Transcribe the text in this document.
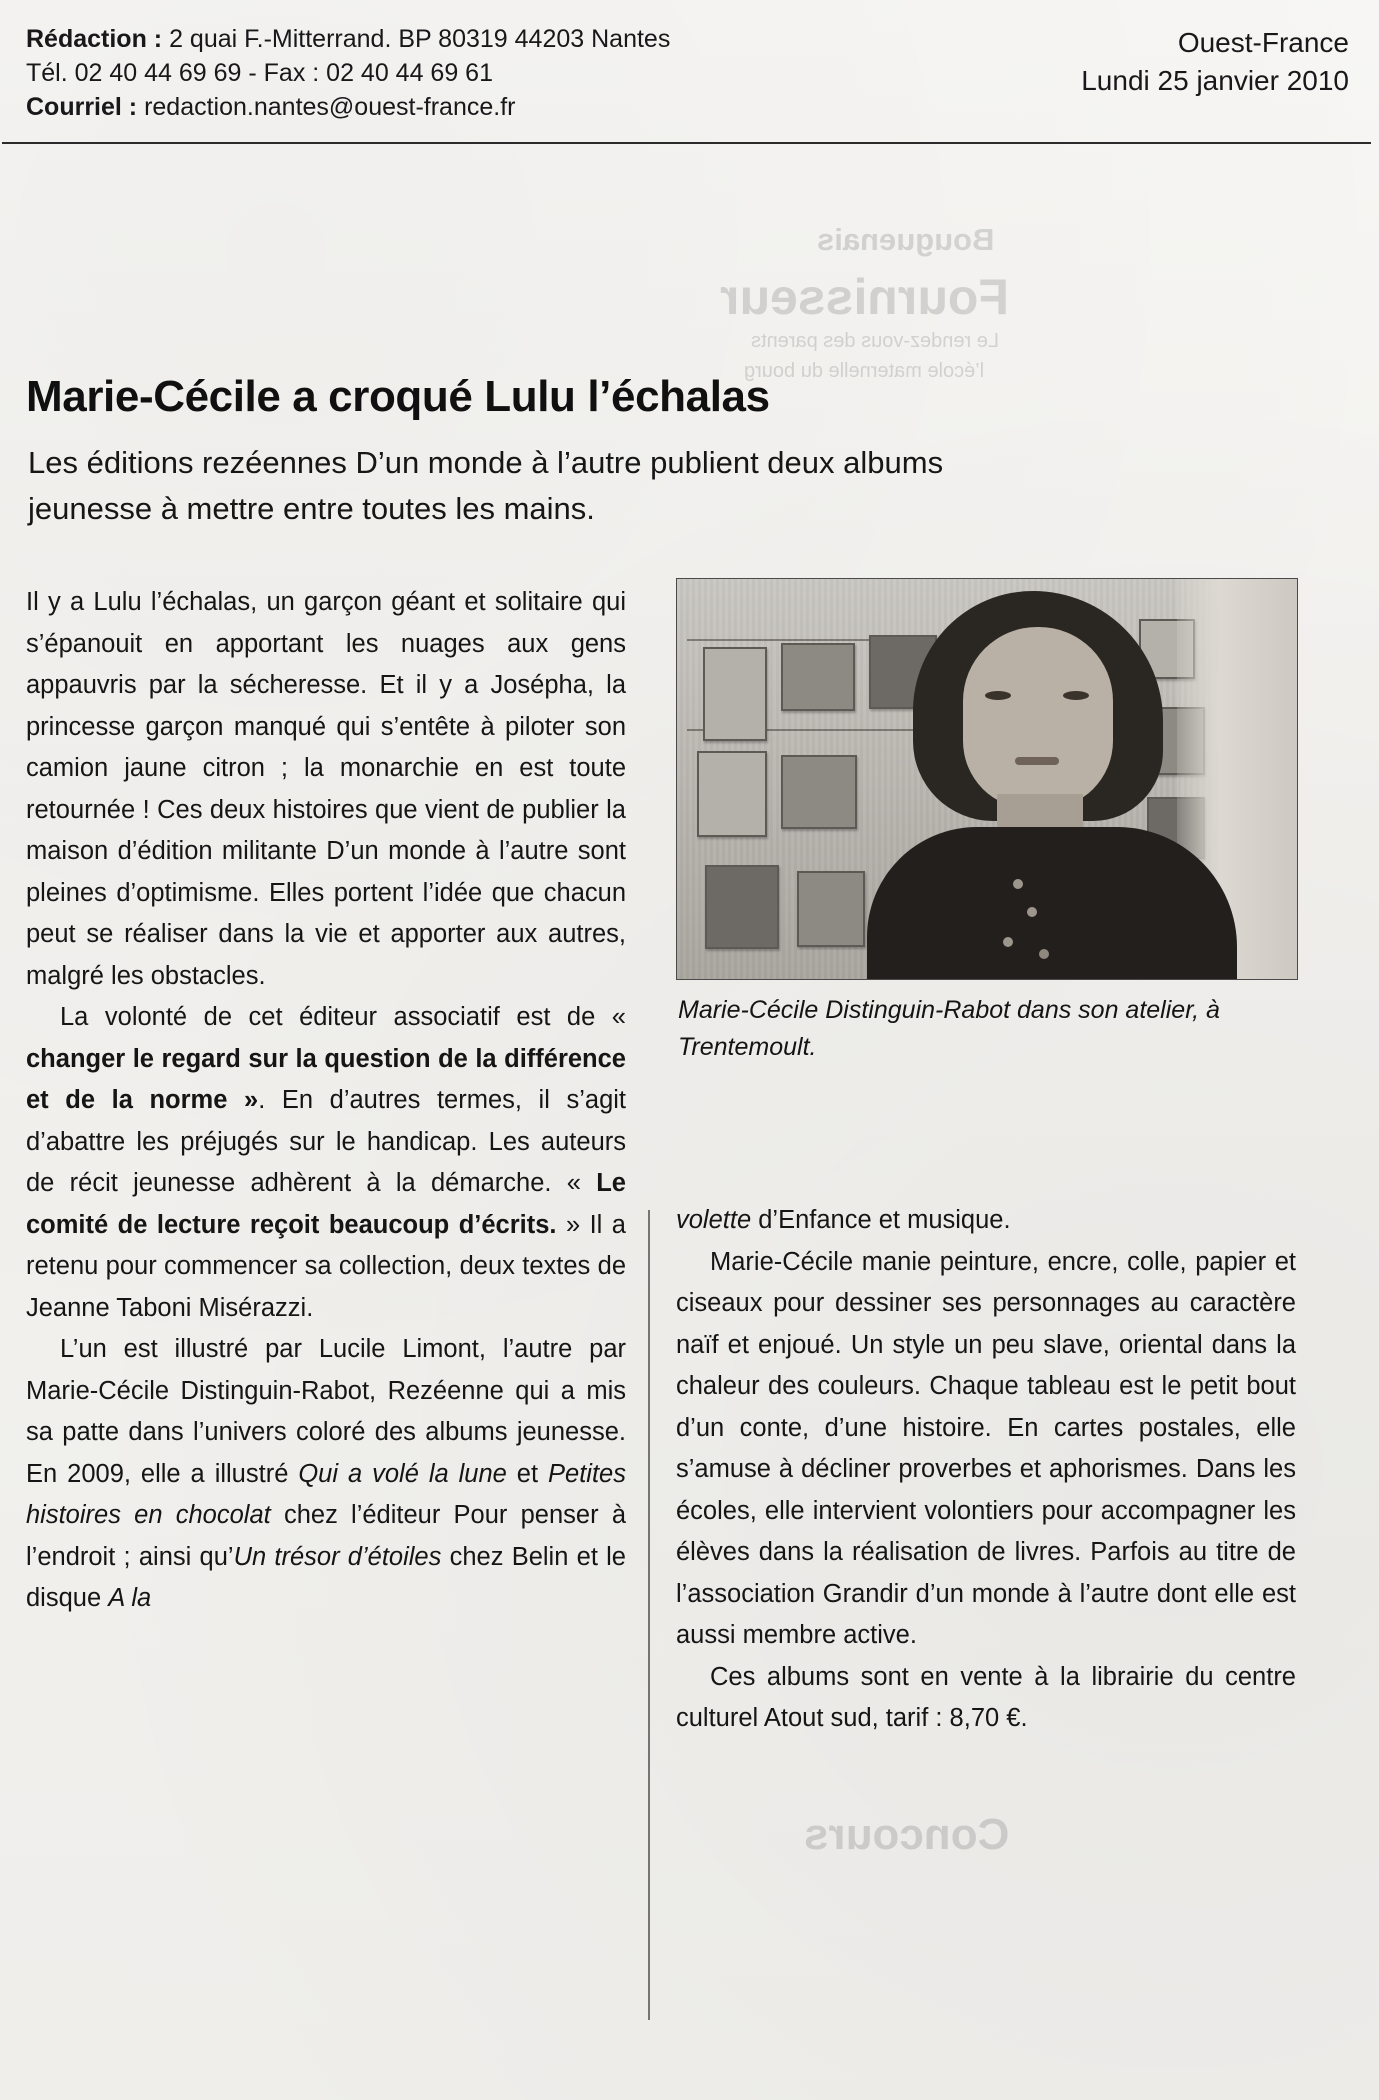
Bouguenais
Fournisseur
Le rendez-vous des parents
l’école maternelle du bourg
Concours
Rédaction : 2 quai F.-Mitterrand. BP 80319 44203 Nantes
Tél. 02 40 44 69 69 - Fax : 02 40 44 69 61
Courriel : redaction.nantes@ouest-france.fr
Ouest-France
Lundi 25 janvier 2010
Marie-Cécile a croqué Lulu l’échalas
Les éditions rezéennes D’un monde à l’autre publient deux albums jeunesse à mettre entre toutes les mains.
Marie-Cécile Distinguin-Rabot dans son atelier, à Trentemoult.

Il y a Lulu l’échalas, un garçon géant et solitaire qui s’épanouit en apportant les nuages aux gens appauvris par la sécheresse. Et il y a Josépha, la princesse garçon manqué qui s’entête à piloter son camion jaune citron ; la monarchie en est toute retournée ! Ces deux histoires que vient de publier la maison d’édition militante D’un monde à l’autre sont pleines d’optimisme. Elles portent l’idée que chacun peut se réaliser dans la vie et apporter aux autres, malgré les obstacles.

La volonté de cet éditeur associatif est de « changer le regard sur la question de la différence et de la norme ». En d’autres termes, il s’agit d’abattre les préjugés sur le handicap. Les auteurs de récit jeunesse adhèrent à la démarche. « Le comité de lecture reçoit beaucoup d’écrits. » Il a retenu pour commencer sa collection, deux textes de Jeanne Taboni Misérazzi.

L’un est illustré par Lucile Limont, l’autre par Marie-Cécile Distinguin-Rabot, Rezéenne qui a mis sa patte dans l’univers coloré des albums jeunesse. En 2009, elle a illustré Qui a volé la lune et Petites histoires en chocolat chez l’éditeur Pour penser à l’endroit ; ainsi qu’Un trésor d’étoiles chez Belin et le disque A la

volette d’Enfance et musique.

Marie-Cécile manie peinture, encre, colle, papier et ciseaux pour dessiner ses personnages au caractère naïf et enjoué. Un style un peu slave, oriental dans la chaleur des couleurs. Chaque tableau est le petit bout d’un conte, d’une histoire. En cartes postales, elle s’amuse à décliner proverbes et aphorismes. Dans les écoles, elle intervient volontiers pour accompagner les élèves dans la réalisation de livres. Parfois au titre de l’association Grandir d’un monde à l’autre dont elle est aussi membre active.

Ces albums sont en vente à la librairie du centre culturel Atout sud, tarif : 8,70 €.
